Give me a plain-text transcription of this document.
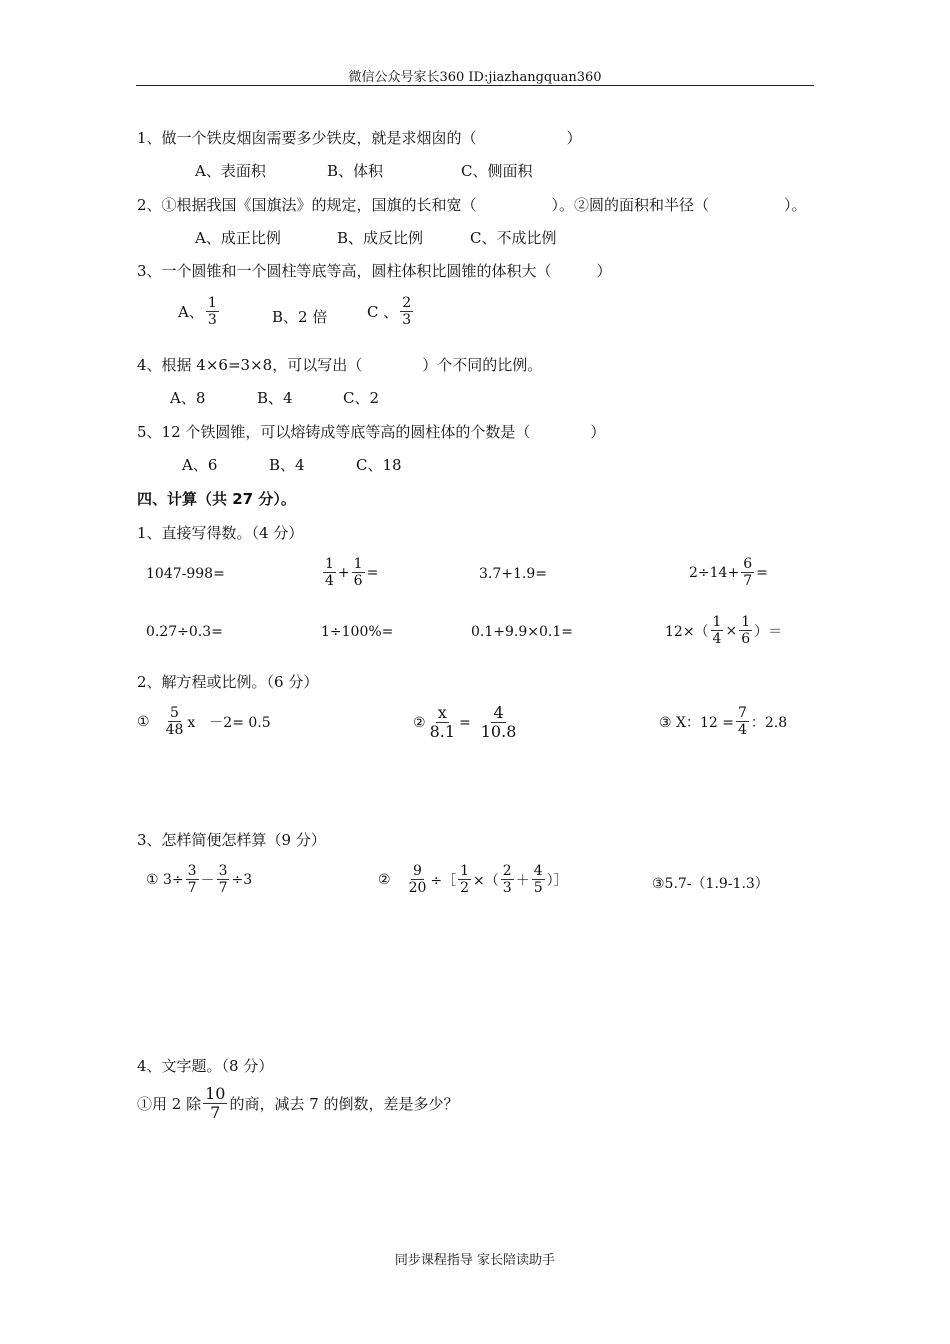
微信公众号家长360 ID:jiazhangquan360
1、做一个铁皮烟囱需要多少铁皮，就是求烟囱的（　　　　　　）
A、表面积	B、体积	C、侧面积
2、①根据我国《国旗法》的规定，国旗的长和宽（　　　　　）。②圆的面积和半径（　　　　　）。
A、成正比例	B、成反比例	C、不成比例
3、一个圆锥和一个圆柱等底等高，圆柱体积比圆锥的体积大（　　　）
A、 $\frac{1}{3}$	B、2 倍	C 、 $\frac{2}{3}$
4、根据 4×6=3×8，可以写出（　　　　）个不同的比例。
A、8	B、4	C、2
5、12 个铁圆锥，可以熔铸成等底等高的圆柱体的个数是（　　　　）
A、6	B、4	C、18
四、计算（共 27 分）。
1、直接写得数。（4 分）
1047-998=	$\frac{1}{4} + \frac{1}{6}$ =	3.7+1.9=	$2\div 14+ \frac{6}{7}$ =
0.27÷0.3=	1÷100%=	0.1+9.9×0.1=	$12\times( \frac{1}{4} \times \frac{1}{6}$ ）＝
2、解方程或比例。（6 分）
① $\frac{5}{48}$ x　－2= 0.5	② $\frac{x}{8.1} = \frac{4}{10.8}$	③ X：$12 = \frac{7}{4}$ ：2.8
3、怎样简便怎样算（9 分）
① $3\div \frac{3}{7} - \frac{3}{7} \div 3$	② $\frac{9}{20}$ ÷［ $\frac{1}{2}$ ×（ $\frac{2}{3} + \frac{4}{5}$ ）］	③5.7-（1.9-1.3）
4、文字题。（8 分）
①用 2 除 $\frac{10}{7}$ 的商，减去 7 的倒数，差是多少？
同步课程指导 家长陪读助手
